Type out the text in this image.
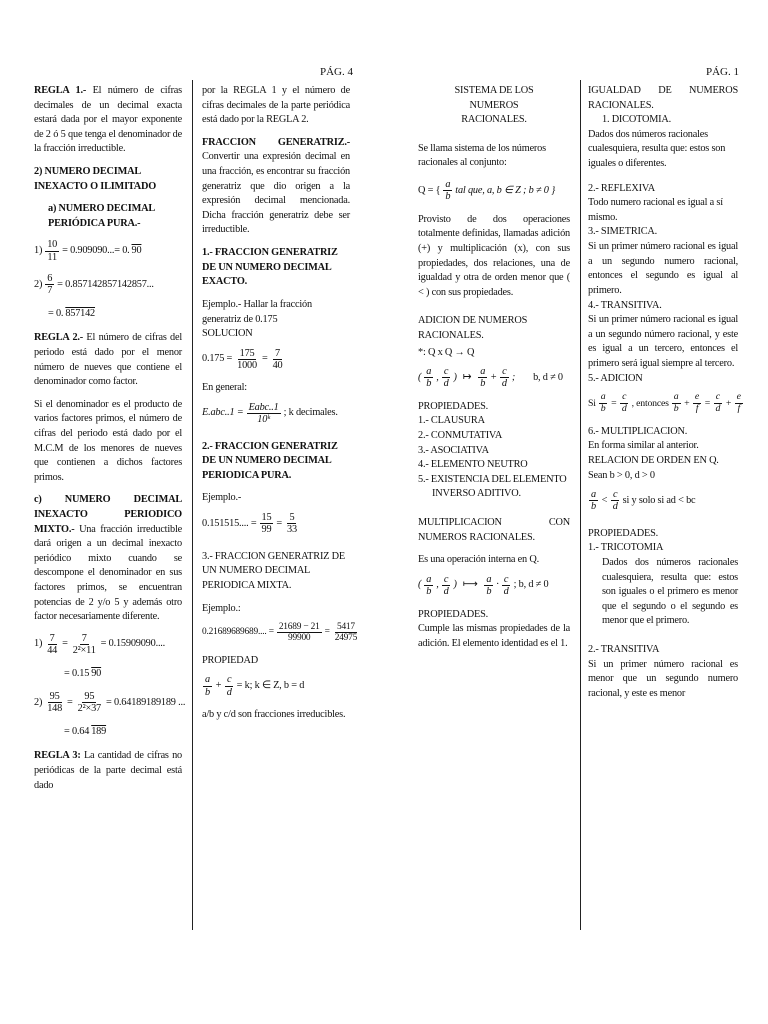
PÁG. 4	PÁG. 1
REGLA 1.- El número de cifras decimales de un decimal exacta estará dada por el mayor exponente de 2 ó 5 que tenga el denominador de la fracción irreductible.
2) NUMERO DECIMAL INEXACTO O ILIMITADO
a) NUMERO DECIMAL PERIÓDICA PURA.-
$1) \frac{10}{11} = 0.909090...= 0$. 90
$2) \frac{6}{7} = 0.857142857142857$...
= 0. 857142
REGLA 2.- El número de cifras del periodo está dado por el menor número de nueves que contiene el denominador como factor.
Si el denominador es el producto de varios factores primos, el número de cifras del periodo está dado por el M.C.M de los menores de nueves que contienen a dichos factores primos.
c) NUMERO DECIMAL INEXACTO PERIODICO MIXTO.- Una fracción irreductible dará origen a un decimal inexacto periódico mixto cuando se descompone el denominador en sus factores primos, se encuentran potencias de 2 y/o 5 y además otro factor necesariamente diferente.
$1) \frac{7}{44} = \frac{7}{\text{2²×11}} = 0.15909090$....
= 0.15 90
$2) \frac{95}{148} = \frac{95}{\text{2²×37}} = 0.64189189189$ ...
= 0.64 189
REGLA 3: La cantidad de cifras no periódicas de la parte decimal está dado
por la REGLA 1 y el número de cifras decimales de la parte periódica está dado por la REGLA 2.
FRACCION GENERATRIZ.- Convertir una expresión decimal en una fracción, es encontrar su fracción generatriz que dio origen a la expresión decimal mencionada. Dicha fracción generatriz debe ser irreductible.
1.- FRACCION GENERATRIZ DE UN NUMERO DECIMAL EXACTO.
Ejemplo.- Hallar la fracción generatriz de 0.175
SOLUCION
$0.175 = \frac{175}{1000} = \frac{7}{40}$
En general:
$E.abc..1 = \frac{\text{Eabc..1}}{\text{10ᵏ}}$ ; k decimales.
2.- FRACCION GENERATRIZ DE UN NUMERO DECIMAL PERIODICA PURA.
Ejemplo.-
0.151515.... = $\frac{15}{99} = \frac{5}{33}$
3.- FRACCION GENERATRIZ DE UN NUMERO DECIMAL PERIODICA MIXTA.
Ejemplo.:
0.21689689689.... = $\frac{21689 - 21}{99900} = \frac{5417}{24975}$
PROPIEDAD
$\frac{a}{b} + \frac{c}{d} = k$; k ∈ Z, b = d
a/b y c/d son fracciones irreducibles.
SISTEMA DE LOS NUMEROS RACIONALES.
Se llama sistema de los números racionales al conjunto:
Q = { $\frac{a}{b}$ tal que, a, b ∈ Z ; b ≠ 0 }
Provisto de dos operaciones totalmente definidas, llamadas adición (+) y multiplicación (x), con sus propiedades, dos relaciones, una de igualdad y otra de orden menor que ( < ) con sus propiedades.
ADICION DE NUMEROS RACIONALES.
*: Q x Q → Q
( $\frac{a}{b}$ , $\frac{c}{d}$ ) ↦ $\frac{a}{b} + \frac{c}{d}$ ; b, d ≠ 0
PROPIEDADES.
1.- CLAUSURA
2.- CONMUTATIVA
3.- ASOCIATIVA
4.- ELEMENTO NEUTRO
5.- EXISTENCIA DEL ELEMENTO
INVERSO ADITIVO.
MULTIPLICACION CON NUMEROS RACIONALES.
Es una operación interna en Q.
( $\frac{a}{b}$ , $\frac{c}{d}$ ) ⟼ $\frac{a}{b} \cdot \frac{c}{d}$ ; b, d ≠ 0
PROPIEDADES.
Cumple las mismas propiedades de la adición. El elemento identidad es el 1.
IGUALDAD DE NUMEROS RACIONALES.
1. DICOTOMIA.
Dados dos números racionales cualesquiera, resulta que: estos son iguales o diferentes.
2.- REFLEXIVA
Todo numero racional es igual a sí mismo.
3.- SIMETRICA.
Si un primer número racional es igual a un segundo numero racional, entonces el segundo es igual al primero.
4.- TRANSITIVA.
Si un primer número racional es igual a un segundo número racional, y este es igual a un tercero, entonces el primero será igual siempre al tercero.
5.- ADICION
Si $\frac{a}{b} = \frac{c}{d}$ , entonces $\frac{a}{b} + \frac{e}{f} = \frac{c}{d} + \frac{e}{f}$
6.- MULTIPLICACION.
En forma similar al anterior.
RELACION DE ORDEN EN Q.
Sean b > 0, d > 0
$\frac{a}{b} < \frac{c}{d}$ si y solo si ad < bc
PROPIEDADES.
1.- TRICOTOMIA
Dados dos números racionales cualesquiera, resulta que: estos son iguales o el primero es menor que el segundo o el segundo es menor que el primero.
2.- TRANSITIVA
Si un primer número racional es menor que un segundo numero racional, y este es menor
